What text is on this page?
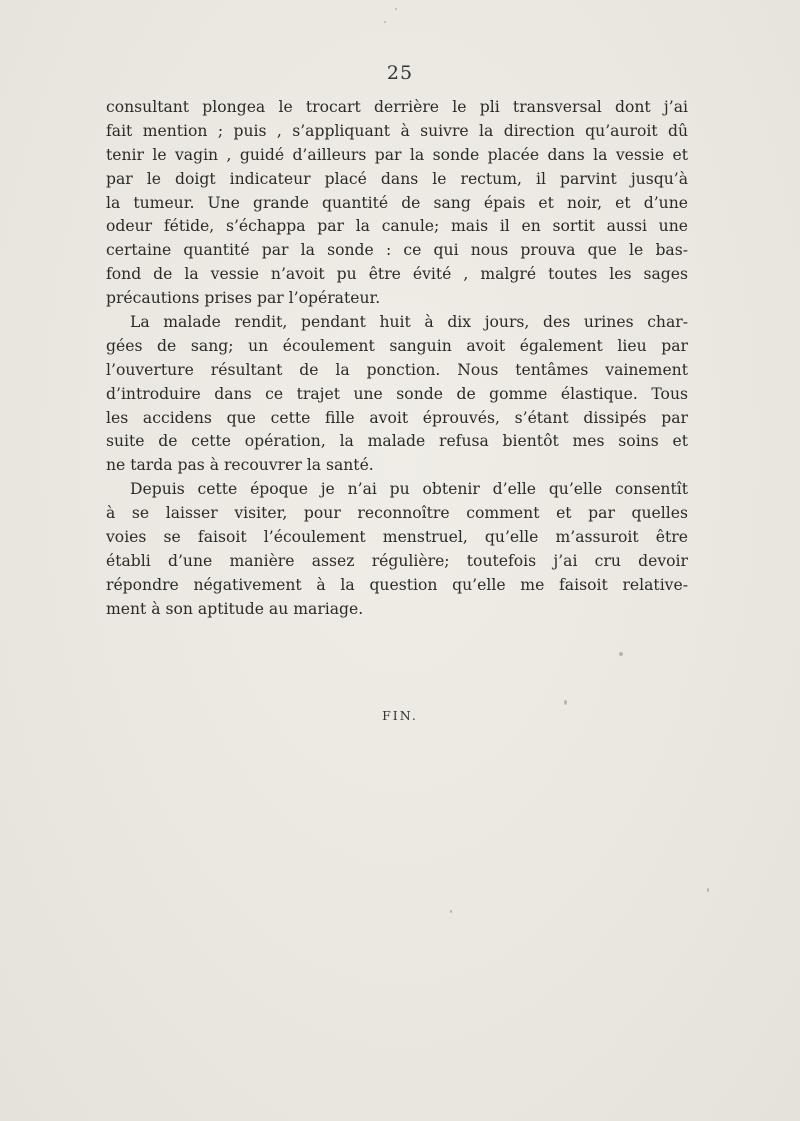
25
consultant plongea le trocart derrière le pli transversal dont j’ai
fait mention ; puis , s’appliquant à suivre la direction qu’auroit dû
tenir le vagin , guidé d’ailleurs par la sonde placée dans la vessie et
par le doigt indicateur placé dans le rectum, il parvint jusqu’à
la tumeur. Une grande quantité de sang épais et noir, et d’une
odeur fétide, s’échappa par la canule; mais il en sortit aussi une
certaine quantité par la sonde : ce qui nous prouva que le bas-
fond de la vessie n’avoit pu être évité , malgré toutes les sages
précautions prises par l’opérateur.
La malade rendit, pendant huit à dix jours, des urines char-
gées de sang; un écoulement sanguin avoit également lieu par
l’ouverture résultant de la ponction. Nous tentâmes vainement
d’introduire dans ce trajet une sonde de gomme élastique. Tous
les accidens que cette fille avoit éprouvés, s’étant dissipés par
suite de cette opération, la malade refusa bientôt mes soins et
ne tarda pas à recouvrer la santé.
Depuis cette époque je n’ai pu obtenir d’elle qu’elle consentît
à se laisser visiter, pour reconnoître comment et par quelles
voies se faisoit l’écoulement menstruel, qu’elle m’assuroit être
établi d’une manière assez régulière; toutefois j’ai cru devoir
répondre négativement à la question qu’elle me faisoit relative-
ment à son aptitude au mariage.
FIN.
